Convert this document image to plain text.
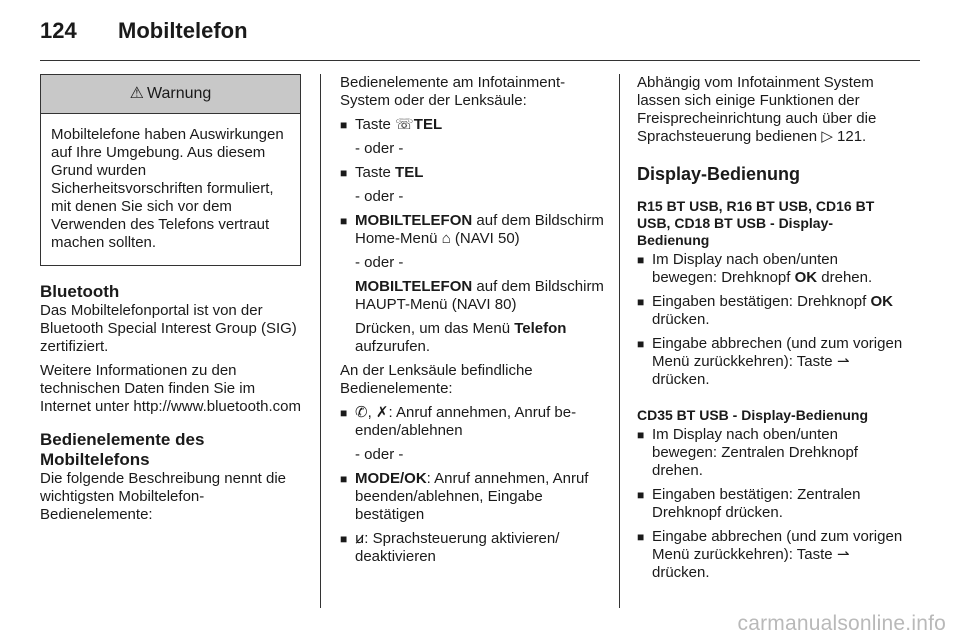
124	Mobiltelefon
⚠ Warnung
Mobiltelefone haben Auswirkungen auf Ihre Umgebung. Aus diesem Grund wurden Sicherheitsvorschriften formuliert, mit denen Sie sich vor dem Verwenden des Telefons vertraut machen sollten.
Bluetooth

Das Mobiltelefonportal ist von der Bluetooth Special Interest Group (SIG) zertifiziert.

Weitere Informationen zu den technischen Daten finden Sie im Internet unter http://www.bluetooth.com

Bedienelemente des Mobiltelefons

Die folgende Beschreibung nennt die wichtigsten Mobiltelefon-Bedienelemente:

Bedienelemente am Infotainment-System oder der Lenksäule:

■ Taste ☏TEL
- oder -
■ Taste TEL
- oder -
■ MOBILTELEFON auf dem Bildschirm Home-Menü ⌂ (NAVI 50)
- oder -
MOBILTELEFON auf dem Bildschirm HAUPT-Menü (NAVI 80)
Drücken, um das Menü Telefon aufzurufen.

An der Lenksäule befindliche Bedienelemente:

■ ✆, ✗: Anruf annehmen, Anruf beenden/ablehnen
- oder -
■ MODE/OK: Anruf annehmen, Anruf beenden/ablehnen, Eingabe bestätigen
■ ꞹ: Sprachsteuerung aktivieren/ deaktivieren

Abhängig vom Infotainment System lassen sich einige Funktionen der Freisprecheinrichtung auch über die Sprachsteuerung bedienen ▷ 121.

Display-Bedienung
R15 BT USB, R16 BT USB, CD16 BT USB, CD18 BT USB - Display-Bedienung
■ Im Display nach oben/unten bewegen: Drehknopf OK drehen.
■ Eingaben bestätigen: Drehknopf OK drücken.
■ Eingabe abbrechen (und zum vorigen Menü zurückkehren): Taste ⇀ drücken.
CD35 BT USB - Display-Bedienung
■ Im Display nach oben/unten bewegen: Zentralen Drehknopf drehen.
■ Eingaben bestätigen: Zentralen Drehknopf drücken.
■ Eingabe abbrechen (und zum vorigen Menü zurückkehren): Taste ⇀ drücken.
carmanualsonline.info
